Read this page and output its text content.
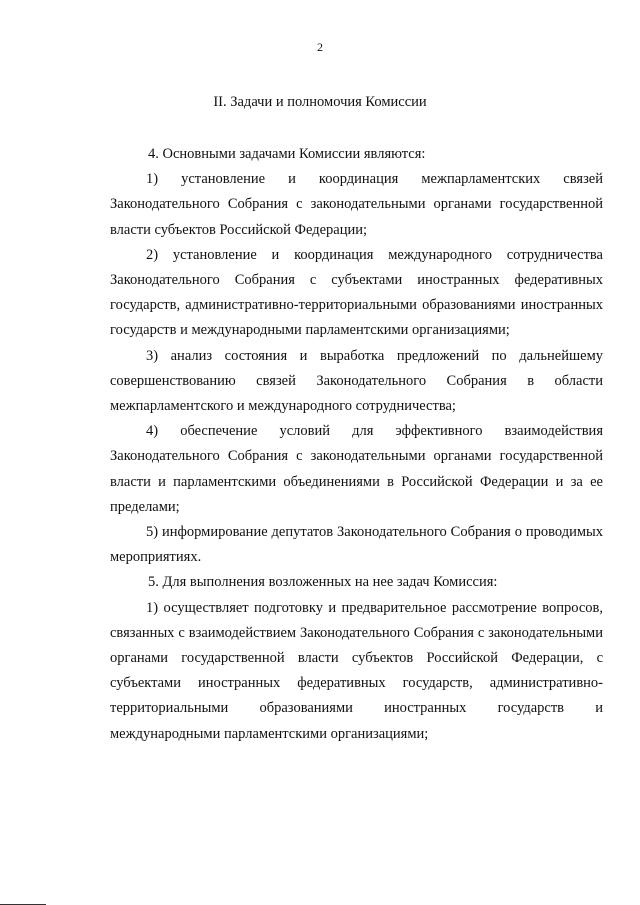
2
II. Задачи и полномочия Комиссии

4. Основными задачами Комиссии являются:

1) установление и координация межпарламентских связей Законодательного Собрания с законодательными органами государственной власти субъектов Российской Федерации;

2) установление и координация международного сотрудничества Законодательного Собрания с субъектами иностранных федеративных государств, административно-территориальными образованиями иностранных государств и международными парламентскими организациями;

3) анализ состояния и выработка предложений по дальнейшему совершенствованию связей Законодательного Собрания в области межпарламентского и международного сотрудничества;

4) обеспечение условий для эффективного взаимодействия Законодательного Собрания с законодательными органами государственной власти и парламентскими объединениями в Российской Федерации и за ее пределами;

5) информирование депутатов Законодательного Собрания о проводимых мероприятиях.

5. Для выполнения возложенных на нее задач Комиссия:

1) осуществляет подготовку и предварительное рассмотрение вопросов, связанных с взаимодействием Законодательного Собрания с законодательными органами государственной власти субъектов Российской Федерации, с субъектами иностранных федеративных государств, административно-территориальными образованиями иностранных государств и международными парламентскими организациями;
